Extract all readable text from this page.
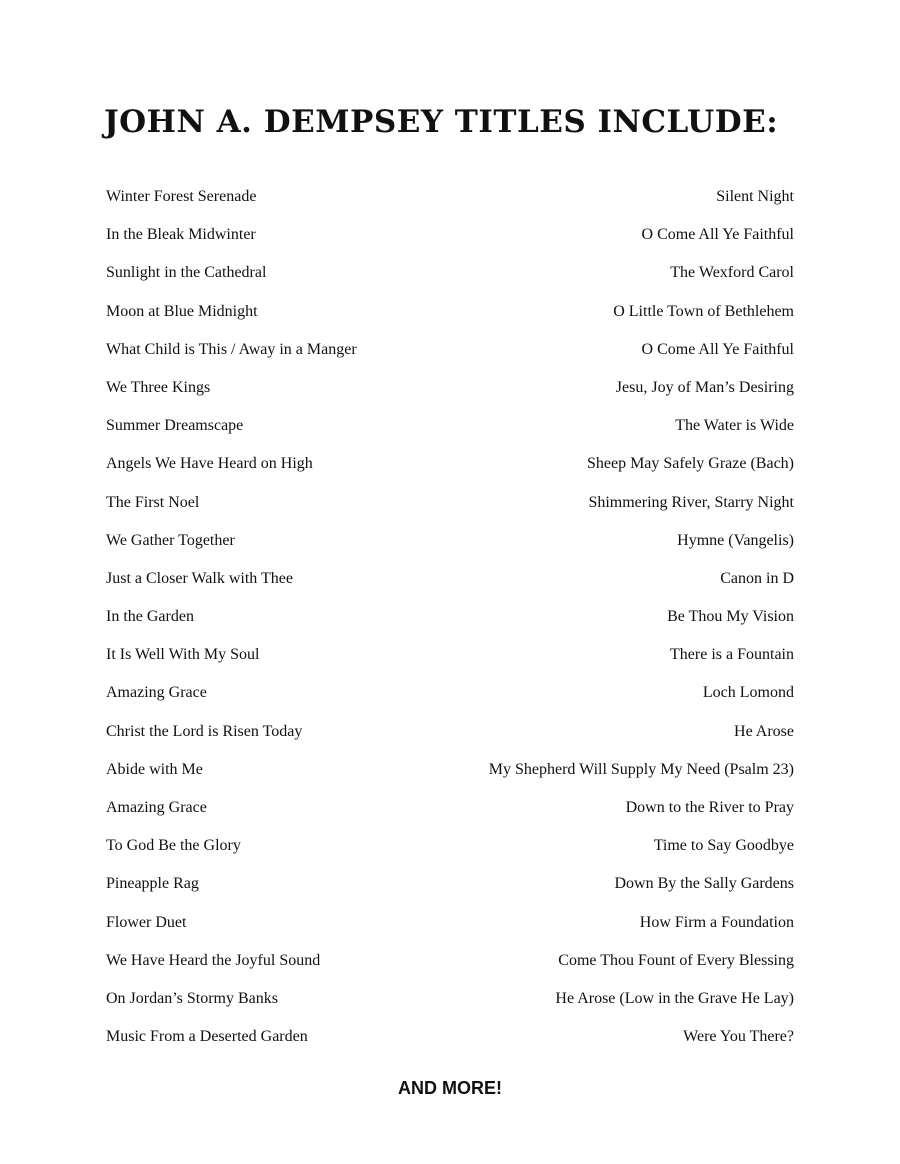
JOHN A. DEMPSEY TITLES INCLUDE:
Winter Forest Serenade	Silent Night
In the Bleak Midwinter	O Come All Ye Faithful
Sunlight in the Cathedral	The Wexford Carol
Moon at Blue Midnight	O Little Town of Bethlehem
What Child is This / Away in a Manger	O Come All Ye Faithful
We Three Kings	Jesu, Joy of Man’s Desiring
Summer Dreamscape	The Water is Wide
Angels We Have Heard on High	Sheep May Safely Graze (Bach)
The First Noel	Shimmering River, Starry Night
We Gather Together	Hymne (Vangelis)
Just a Closer Walk with Thee	Canon in D
In the Garden	Be Thou My Vision
It Is Well With My Soul	There is a Fountain
Amazing Grace	Loch Lomond
Christ the Lord is Risen Today	He Arose
Abide with Me	My Shepherd Will Supply My Need (Psalm 23)
Amazing Grace	Down to the River to Pray
To God Be the Glory	Time to Say Goodbye
Pineapple Rag	Down By the Sally Gardens
Flower Duet	How Firm a Foundation
We Have Heard the Joyful Sound	Come Thou Fount of Every Blessing
On Jordan’s Stormy Banks	He Arose (Low in the Grave He Lay)
Music From a Deserted Garden	Were You There?
AND MORE!
